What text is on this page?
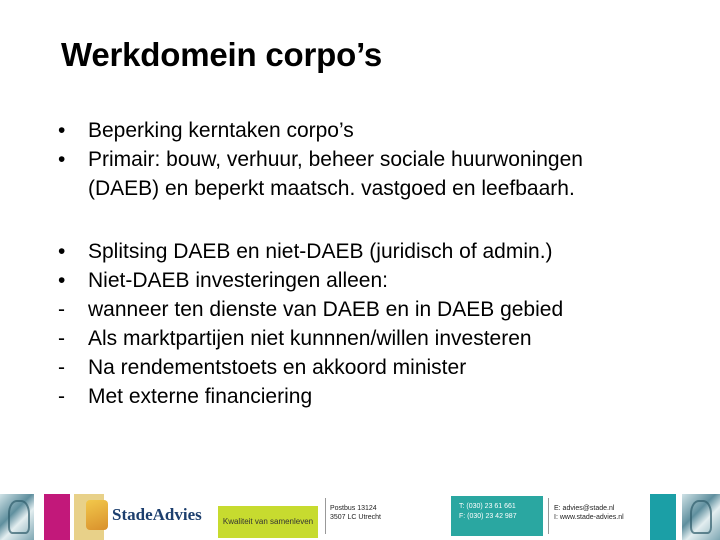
Werkdomein corpo’s
•	Beperking kerntaken corpo’s
•	Primair: bouw, verhuur, beheer sociale huurwoningen
(DAEB) en beperkt maatsch. vastgoed en leefbaarh.
•	Splitsing DAEB en niet-DAEB (juridisch of admin.)
•	Niet-DAEB investeringen alleen:
-	wanneer ten dienste van DAEB en in DAEB gebied
-	Als marktpartijen niet kunnnen/willen investeren
-	Na rendementstoets en akkoord minister
-	Met externe financiering
StadeAdvies	Kwaliteit van samenleven
Postbus 13124
3507 LC Utrecht
T: (030) 23 61 661
F: (030) 23 42 987
E: advies@stade.nl
I: www.stade-advies.nl
